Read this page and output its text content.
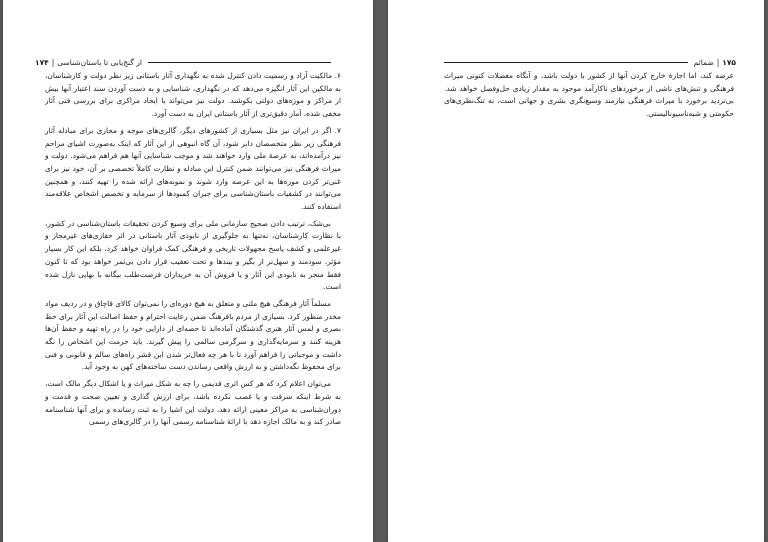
۱۷۴ | از گنج‌یابی تا باستان‌شناسی

۶. مالکیت آزاد و رسمیت دادن کنترل شده به نگهداری آثار باستانی زیر نظر دولت و کارشناسان، به مالکین این آثار انگیزه می‌دهد که در نگهداری، شناسایی و به دست آوردن سند اعتبار آنها بیش از مراکز و موزه‌های دولتی بکوشند. دولت نیز می‌تواند با ایجاد مراکزی برای بررسی فنی آثار مخفی شده، آمار دقیق‌تری از آثار باستانی ایران به دست آورد.

۷. اگر در ایران نیز مثل بسیاری از کشورهای دیگر، گالری‌های موجه و مجازی برای مبادله آثار فرهنگی زیر نظر متخصصان دایر شود، آن گاه انبوهی از این آثار که اینک به‌صورت اشیای مزاحم نیز درآمده‌اند، به عرصهٔ ملی وارد خواهند شد و موجب شناسایی آنها هم فراهم می‌شود. دولت و میراث فرهنگی نیز می‌توانند ضمن کنترل این مبادله و نظارت کاملاً تخصصی بر آن، خود نیز برای غنی‌تر کردن موزه‌ها به این عرصه وارد شوند و نمونه‌های ارائه شده را تهیه کنند، و همچنین می‌توانند در کشفیات باستان‌شناسی برای جبران کمبودها از سرمایه و تخصص اشخاص علاقه‌مند استفاده کنند.

بی‌شک، ترتیب دادن صحیح سازمانی ملی برای وسیع کردن تحقیقات باستان‌شناسی در کشور، با نظارت کارشناسان، نه‌تنها به جلوگیری از نابودی آثار باستانی در اثر حفاری‌های غیرمجاز و غیرعلمی و کشف پاسخ مجهولات تاریخی و فرهنگی کمک فراوان خواهد کرد، بلکه این کار بسیار مؤثر، سودمند و سهل‌تر از بگیر و ببندها و تحت تعقیب قرار دادن بی‌ثمر خواهد بود که تا کنون فقط منجر به نابودی این آثار و یا فروش آن به خریداران فرصت‌طلب بیگانه با بهایی نازل شده است.

مسلماً آثار فرهنگی هیچ ملتی و متعلق به هیچ دوره‌ای را نمی‌توان کالای قاچاق و در ردیف مواد مخدر منظور کرد. بسیاری از مردم بافرهنگ ضمن رعایت احترام و حفظ اصالت این آثار برای حظ بصری و لمس آثار هنری گذشتگان آماده‌اند تا حصه‌ای از دارایی خود را در راه تهیه و حفظ آن‌ها هزینه کنند و سرمایه‌گذاری و سرگرمی سالمی را پیش گیرند. باید حرمت این اشخاص را نگه داشت و موجباتی را فراهم آورد تا با هر چه فعال‌تر شدن این قشر راه‌های سالم و قانونی و فنی برای محفوظ نگه‌داشتن و به ارزش واقعی رساندن دست ساخته‌های کهن به وجود آید.

می‌توان اعلام کرد که هر کس اثری قدیمی را چه به شکل میراث و یا اشکال دیگر مالک است، به شرط اینکه سرقت و یا غصب نکرده باشد، برای ارزش گذاری و تعیین صحت و قدمت و دوران‌شناسی به مراکز معینی ارائه دهد، دولت این اشیا را به ثبت رسانده و برای آنها شناسنامه صادر کند و به مالک اجازه دهد با ارائهٔ شناسنامه رسمی آنها را در گالری‌های رسمی

ضمائم | ۱۷۵

عرضه کند، اما اجازهٔ خارج کردن آنها از کشور با دولت باشد، و آنگاه معضلات کنونی میراث فرهنگی و تنش‌های ناشی از برخوردهای ناکارآمد موجود به مقدار زیادی حل‌وفصل خواهد شد. بی‌تردید برخورد با میراث فرهنگی نیازمند وسیع‌نگری بشری و جهانی است، نه تنگ‌نظری‌های حکومتی و شبه‌ناسیونالیستی.
